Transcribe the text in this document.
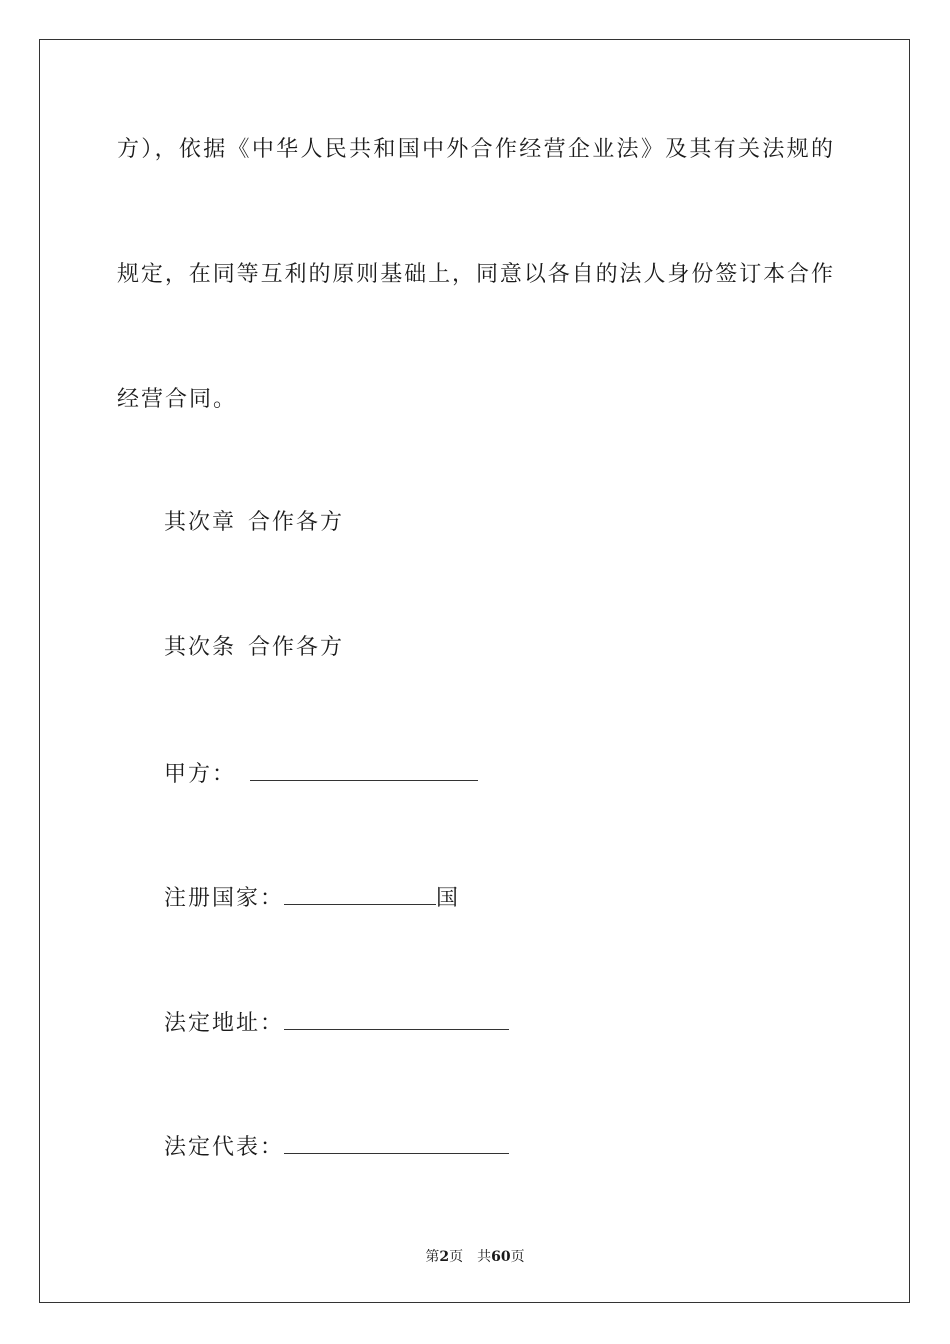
方），依据《中华人民共和国中外合作经营企业法》及其有关法规的
规定，在同等互利的原则基础上，同意以各自的法人身份签订本合作
经营合同。
其次章 合作各方
其次条 合作各方
甲方：
注册国家：	国
法定地址：
法定代表：
第2页 共60页
